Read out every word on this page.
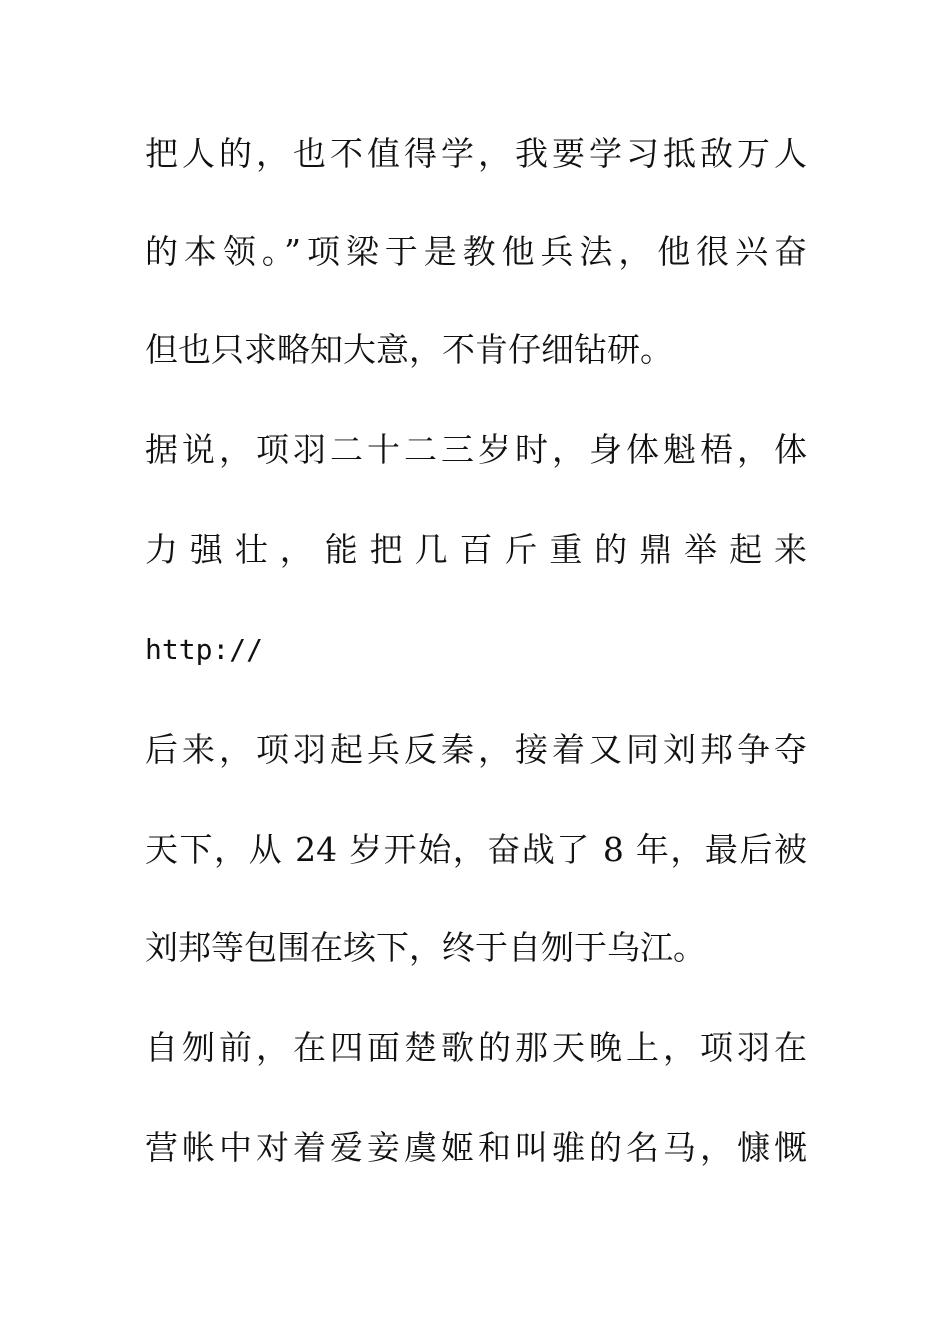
把人的，也不值得学，我要学习抵敌万人
的本领。”项梁于是教他兵法，他很兴奋
但也只求略知大意，不肯仔细钻研。
据说，项羽二十二三岁时，身体魁梧，体
力强壮，能把几百斤重的鼎举起来
http://
后来，项羽起兵反秦，接着又同刘邦争夺
天下，从 24 岁开始，奋战了 8 年，最后被
刘邦等包围在垓下，终于自刎于乌江。
自刎前，在四面楚歌的那天晚上，项羽在
营帐中对着爱妾虞姬和叫骓的名马，慷慨
